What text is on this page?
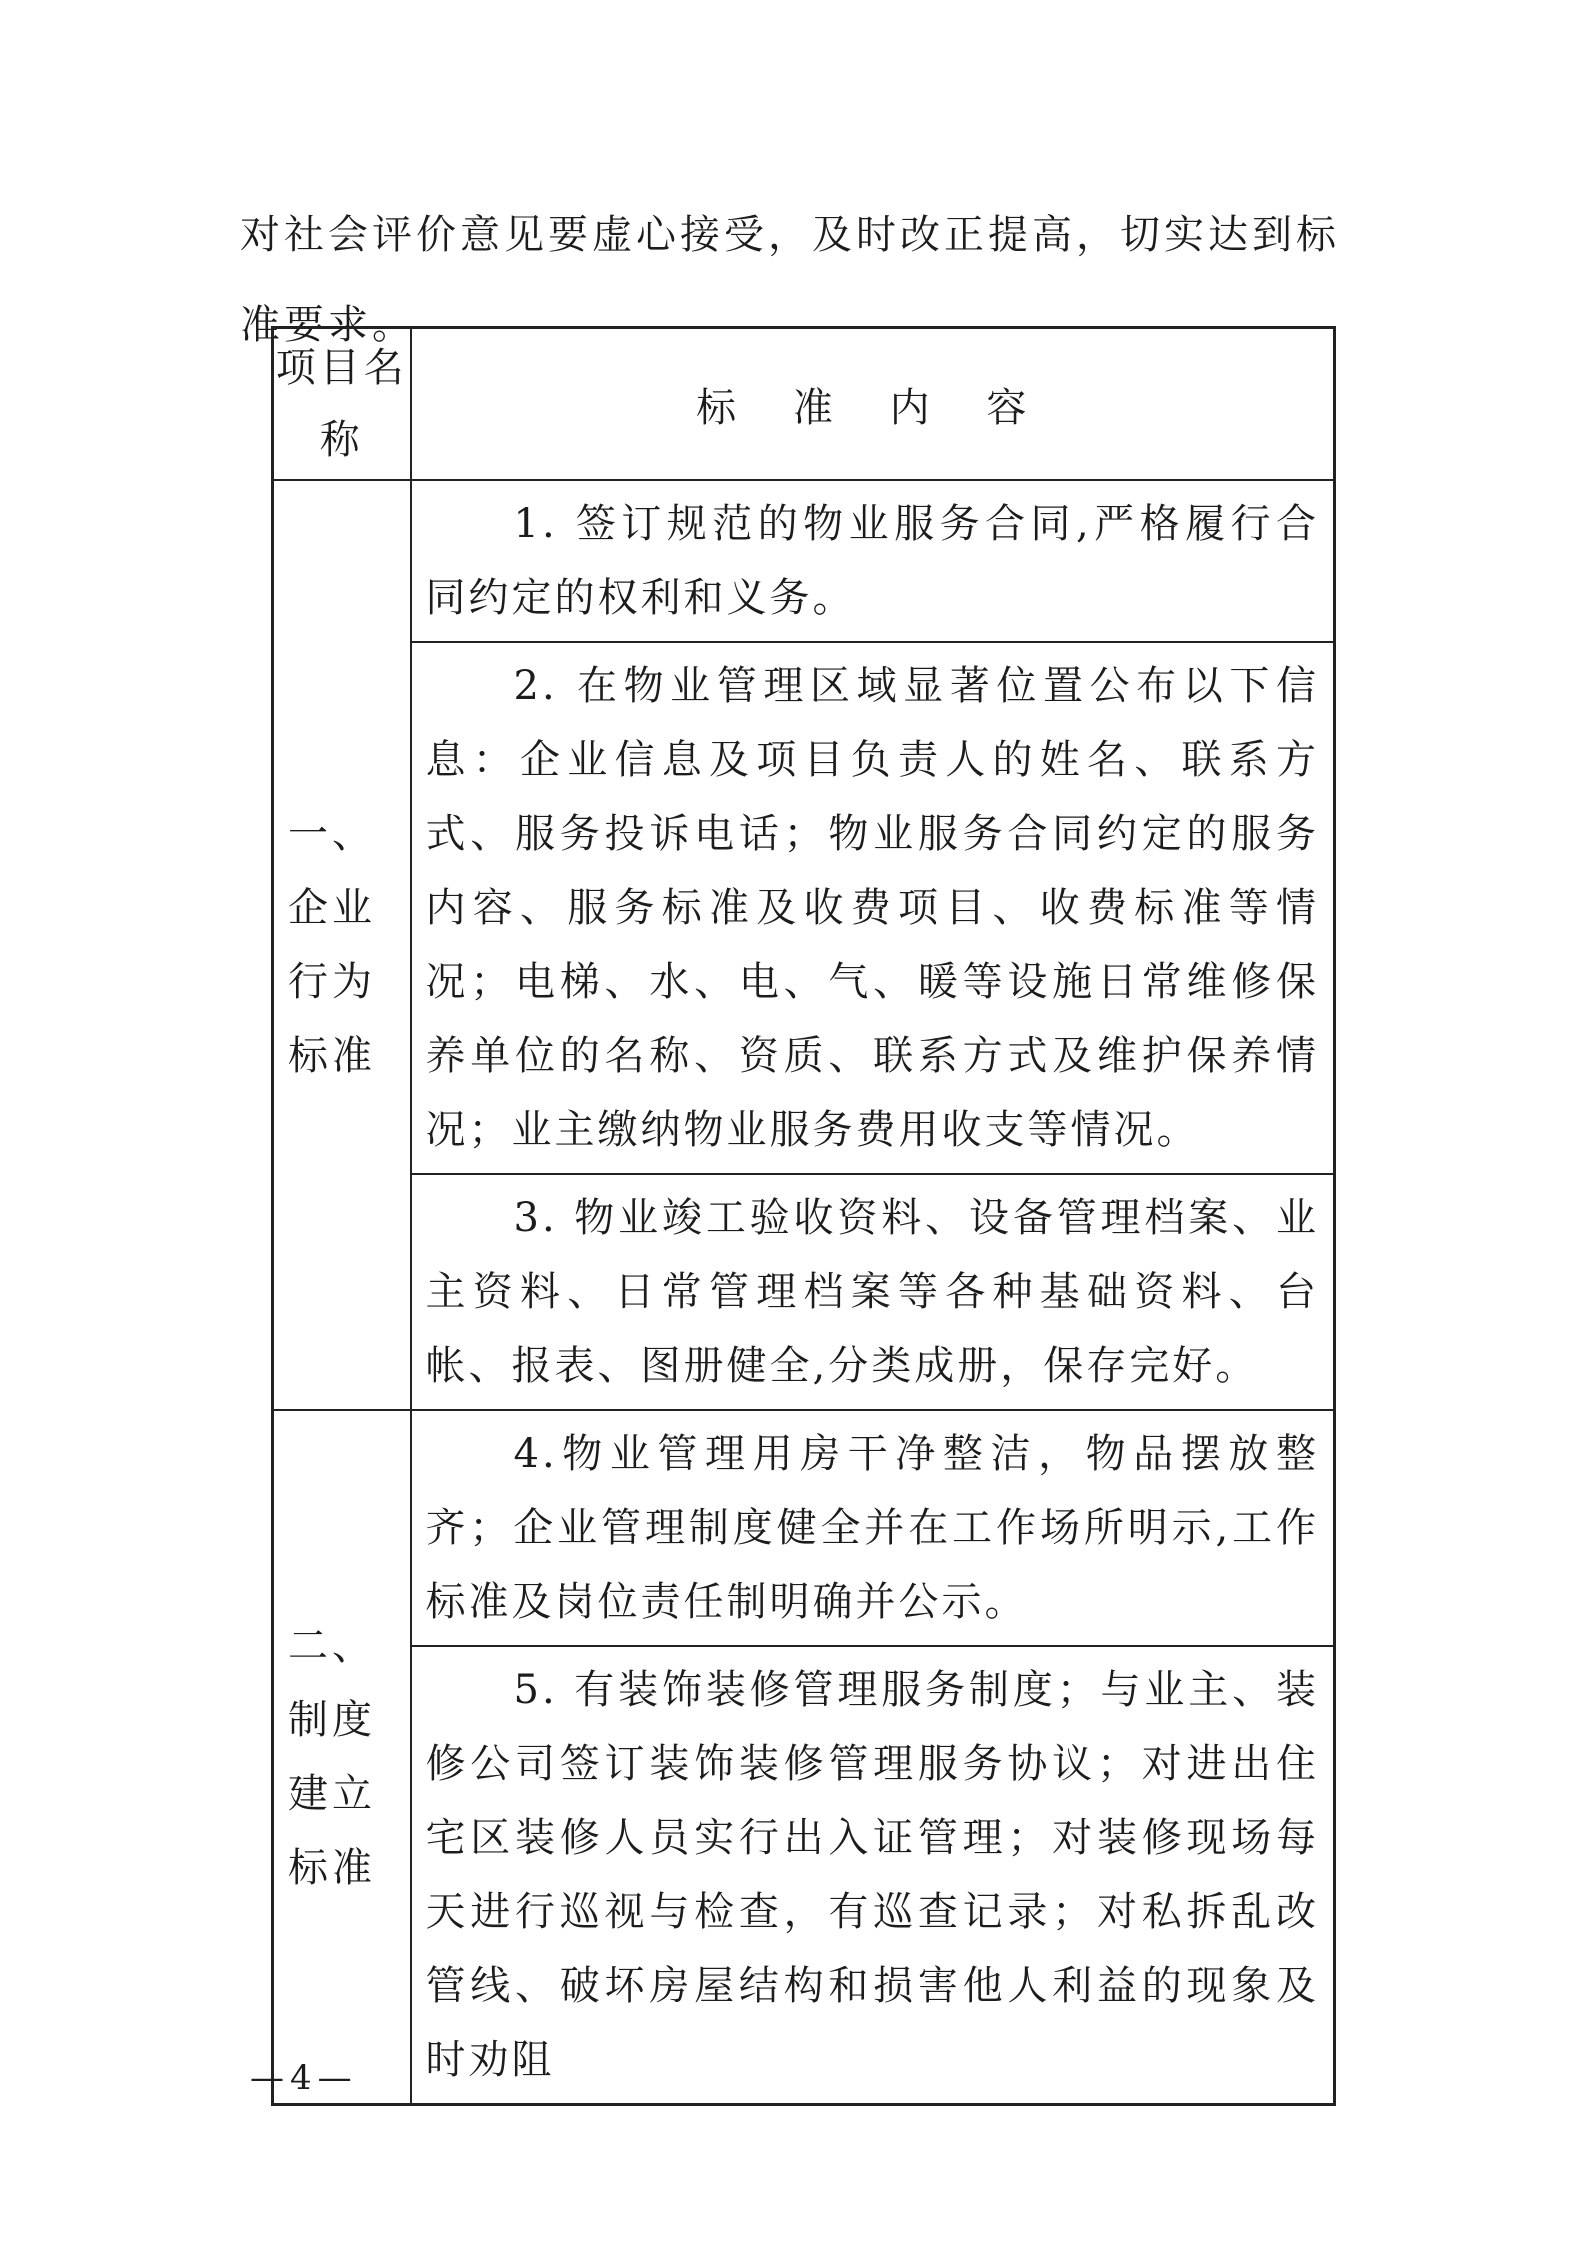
对社会评价意见要虚心接受，及时改正提高，切实达到标准要求。

项目名称	标 准 内 容
一、企业行为标准	1. 签订规范的物业服务合同,严格履行合同约定的权利和义务。
	2. 在物业管理区域显著位置公布以下信息：企业信息及项目负责人的姓名、联系方式、服务投诉电话；物业服务合同约定的服务内容、服务标准及收费项目、收费标准等情况；电梯、水、电、气、暖等设施日常维修保养单位的名称、资质、联系方式及维护保养情况；业主缴纳物业服务费用收支等情况。
	3. 物业竣工验收资料、设备管理档案、业主资料、日常管理档案等各种基础资料、台帐、报表、图册健全,分类成册，保存完好。
二、制度建立标准	4.物业管理用房干净整洁，物品摆放整齐；企业管理制度健全并在工作场所明示,工作标准及岗位责任制明确并公示。
	5. 有装饰装修管理服务制度；与业主、装修公司签订装饰装修管理服务协议；对进出住宅区装修人员实行出入证管理；对装修现场每天进行巡视与检查，有巡查记录；对私拆乱改管线、破坏房屋结构和损害他人利益的现象及时劝阻
—4—
